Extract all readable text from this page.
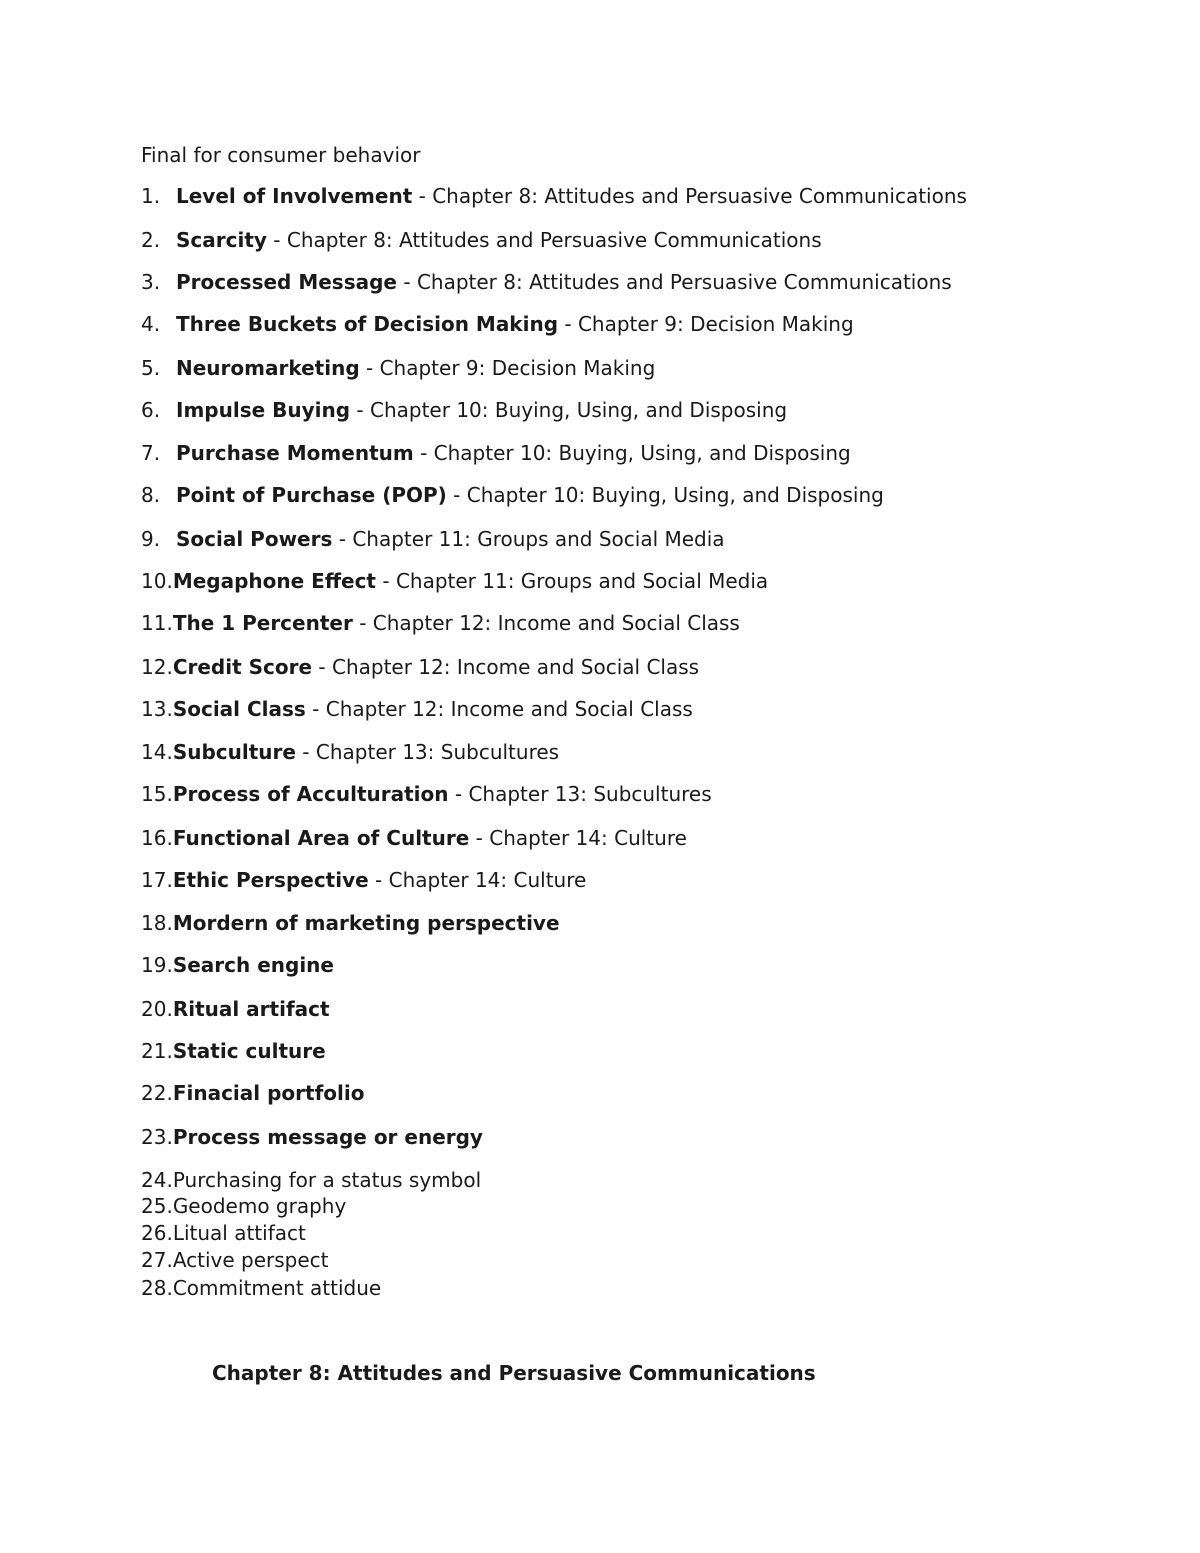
Final for consumer behavior
1. Level of Involvement - Chapter 8: Attitudes and Persuasive Communications
2. Scarcity - Chapter 8: Attitudes and Persuasive Communications
3. Processed Message - Chapter 8: Attitudes and Persuasive Communications
4. Three Buckets of Decision Making - Chapter 9: Decision Making
5. Neuromarketing - Chapter 9: Decision Making
6. Impulse Buying - Chapter 10: Buying, Using, and Disposing
7. Purchase Momentum - Chapter 10: Buying, Using, and Disposing
8. Point of Purchase (POP) - Chapter 10: Buying, Using, and Disposing
9. Social Powers - Chapter 11: Groups and Social Media
10.Megaphone Effect - Chapter 11: Groups and Social Media
11.The 1 Percenter - Chapter 12: Income and Social Class
12.Credit Score - Chapter 12: Income and Social Class
13.Social Class - Chapter 12: Income and Social Class
14.Subculture - Chapter 13: Subcultures
15.Process of Acculturation - Chapter 13: Subcultures
16.Functional Area of Culture - Chapter 14: Culture
17.Ethic Perspective - Chapter 14: Culture
18.Mordern of marketing perspective
19.Search engine
20.Ritual artifact
21.Static culture
22.Finacial portfolio
23.Process message or energy
24.Purchasing for a status symbol
25.Geodemo graphy
26.Litual attifact
27.Active perspect
28.Commitment attidue
Chapter 8: Attitudes and Persuasive Communications
